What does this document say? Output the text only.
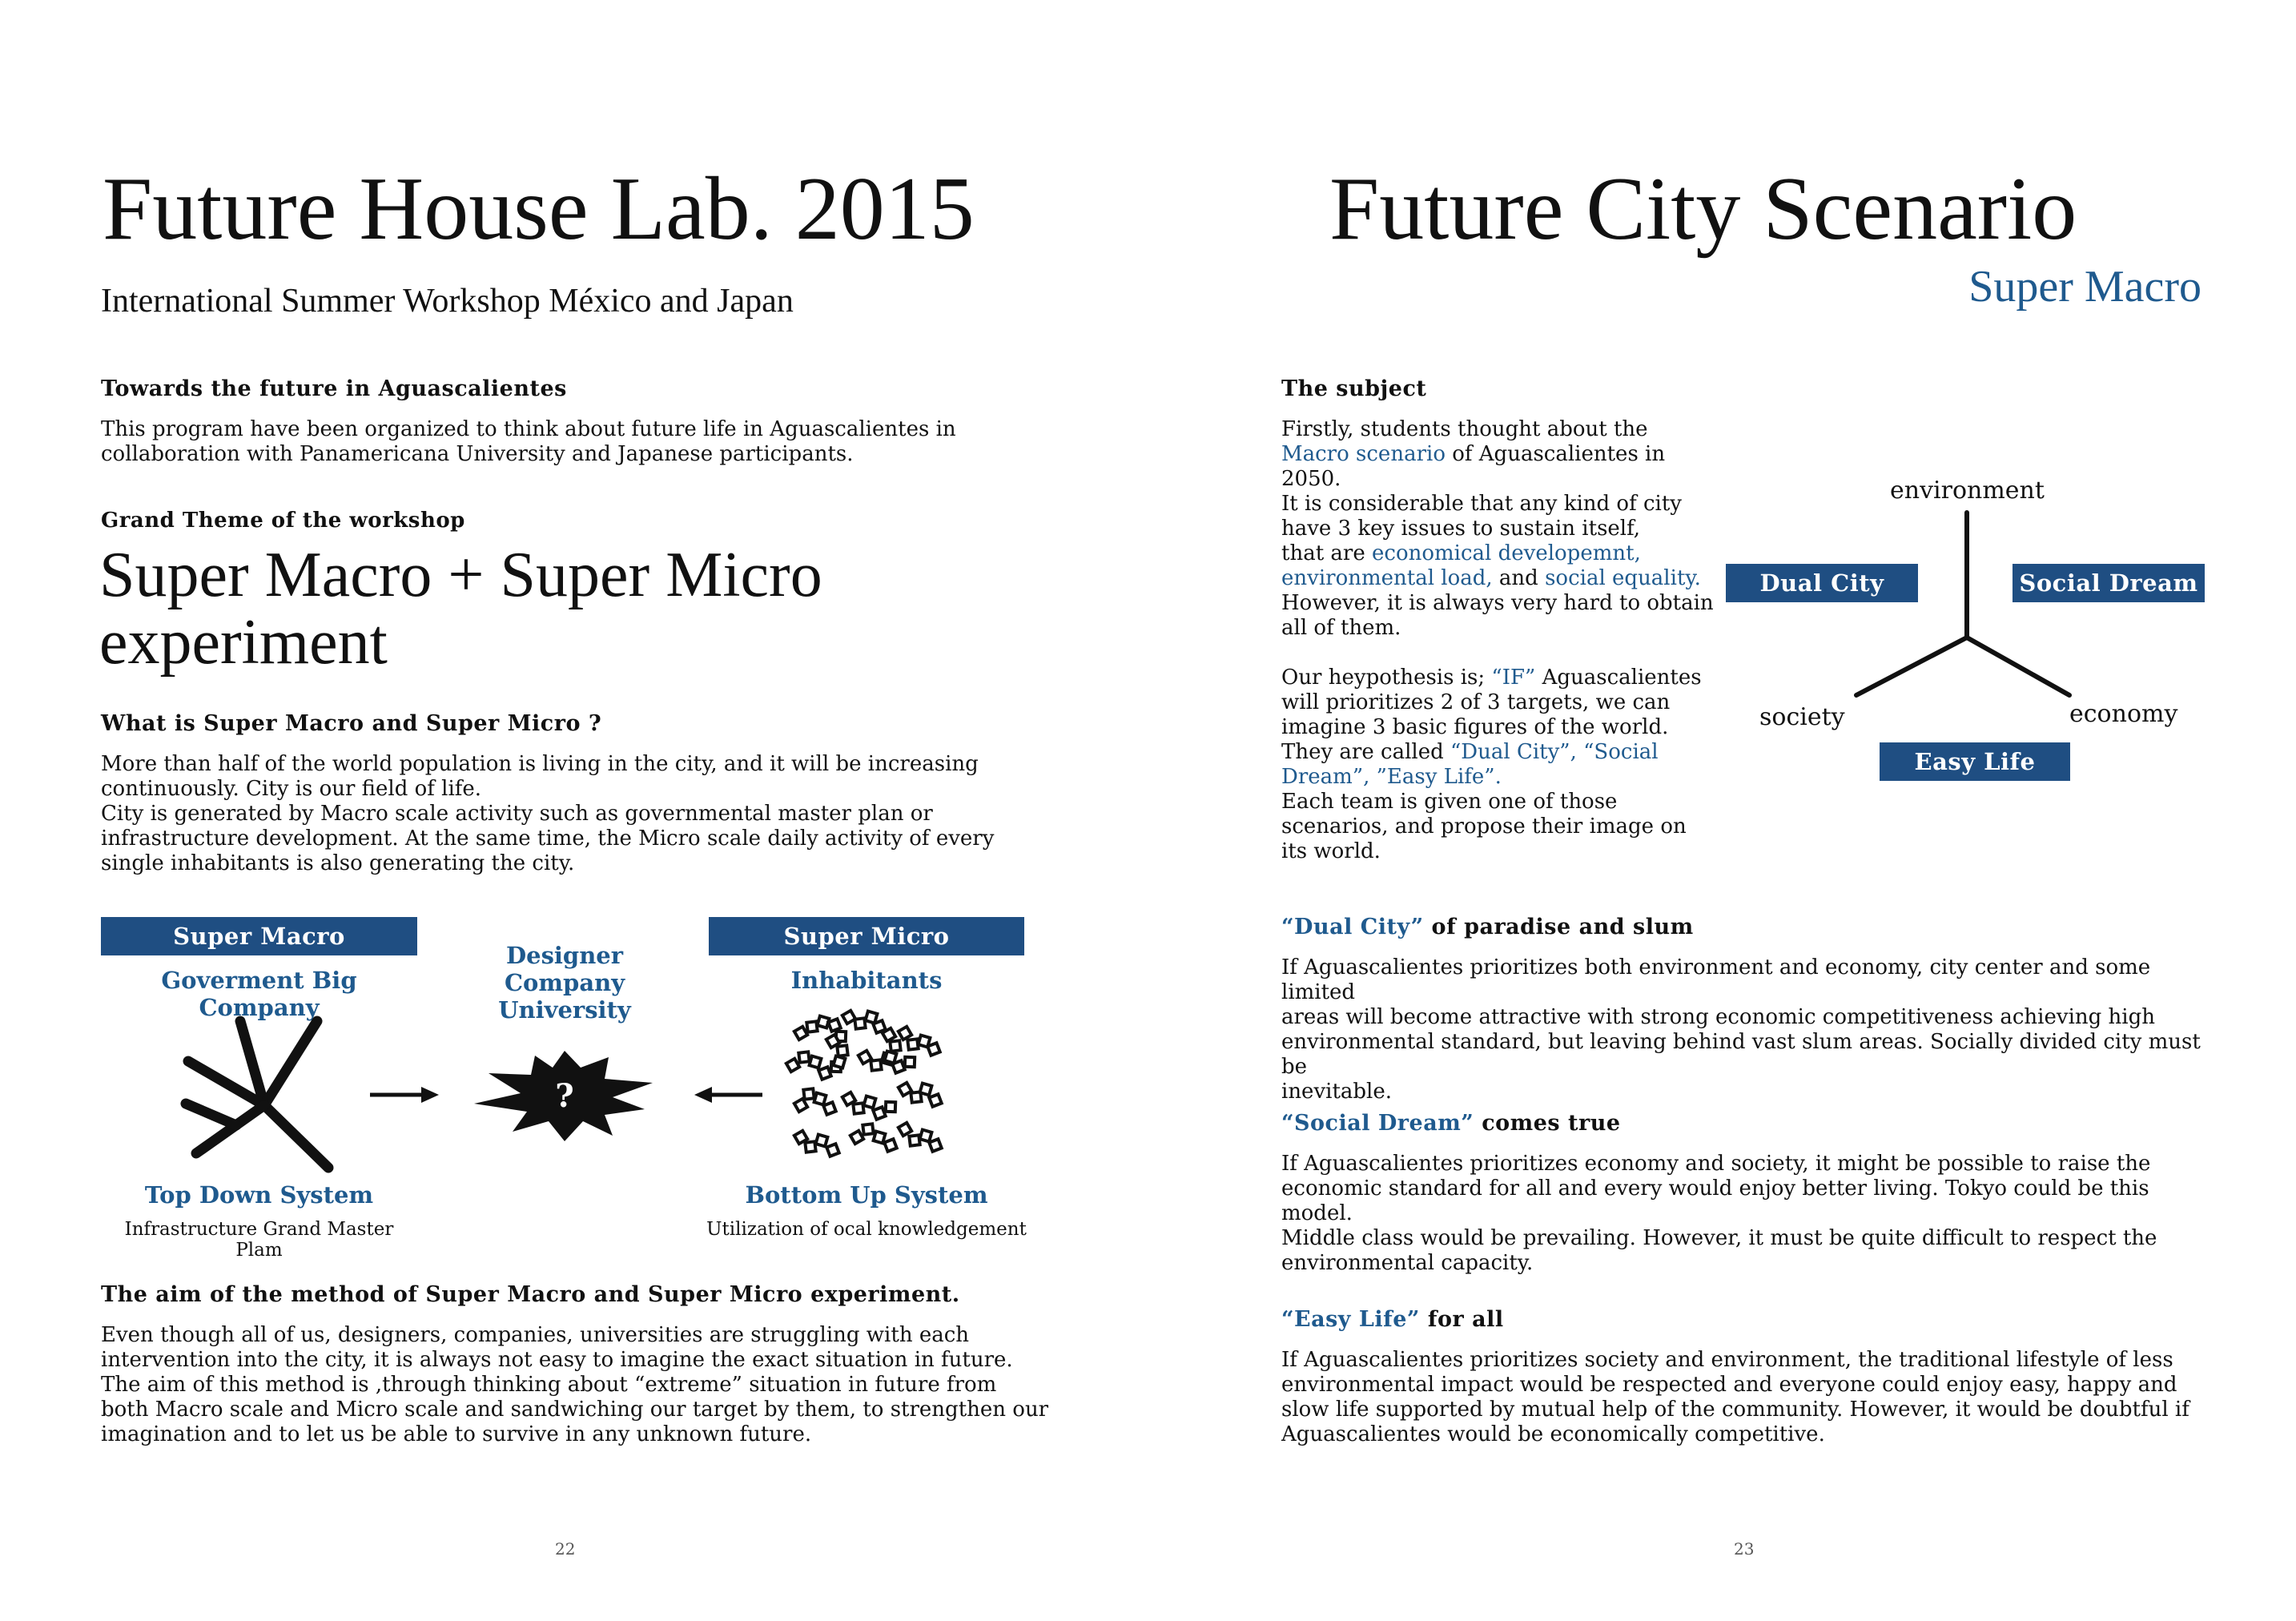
Future House Lab. 2015
International Summer Workshop México and Japan
Towards the future in Aguascalientes

This program have been organized to think about future life in Aguascalientes in

collaboration with Panamericana University and Japanese participants.

Grand Theme of the workshop
Super Macro + Super Micro
experiment
What is Super Macro and Super Micro ?

More than half of the world population is living in the city, and it will be increasing

continuously. City is our field of life.

City is generated by Macro scale activity such as governmental master plan or

infrastructure development. At the same time, the Micro scale daily activity of every

single inhabitants is also generating the city.

Super Macro
Goverment Big Company
Super Micro
Inhabitants
Designer
Company
University
?
Top Down System
Infrastructure Grand Master Plam
Bottom Up System
Utilization of ocal knowledgement
The aim of the method of Super Macro and Super Micro experiment.

Even though all of us, designers, companies, universities are struggling with each

intervention into the city, it is always not easy to imagine the exact situation in future.

The aim of this method is ,through thinking about “extreme” situation in future from

both Macro scale and Micro scale and sandwiching our target by them, to strengthen our

imagination and to let us be able to survive in any unknown future.

22
Future City Scenario
Super Macro
The subject

Firstly, students thought about the

Macro scenario of Aguascalientes in

2050.

It is considerable that any kind of city

have 3 key issues to sustain itself,

that are economical developemnt,

environmental load, and social equality.

However, it is always very hard to obtain

all of them.

Our heypothesis is; “IF” Aguascalientes

will prioritizes 2 of 3 targets, we can

imagine 3 basic figures of the world.

They are called “Dual City”, “Social

Dream”, ”Easy Life”.

Each team is given one of those

scenarios, and propose their image on

its world.

environment
society	economy
Dual City	Social Dream
Easy Life
“Dual City” of paradise and slum

If Aguascalientes prioritizes both environment and economy, city center and some limited

areas will become attractive with strong economic competitiveness achieving high

environmental standard, but leaving behind vast slum areas. Socially divided city must be

inevitable.

“Social Dream” comes true

If Aguascalientes prioritizes economy and society, it might be possible to raise the

economic standard for all and every would enjoy better living. Tokyo could be this model.

Middle class would be prevailing. However, it must be quite difficult to respect the

environmental capacity.

“Easy Life” for all

If Aguascalientes prioritizes society and environment, the traditional lifestyle of less

environmental impact would be respected and everyone could enjoy easy, happy and

slow life supported by mutual help of the community. However, it would be doubtful if

Aguascalientes would be economically competitive.

23
